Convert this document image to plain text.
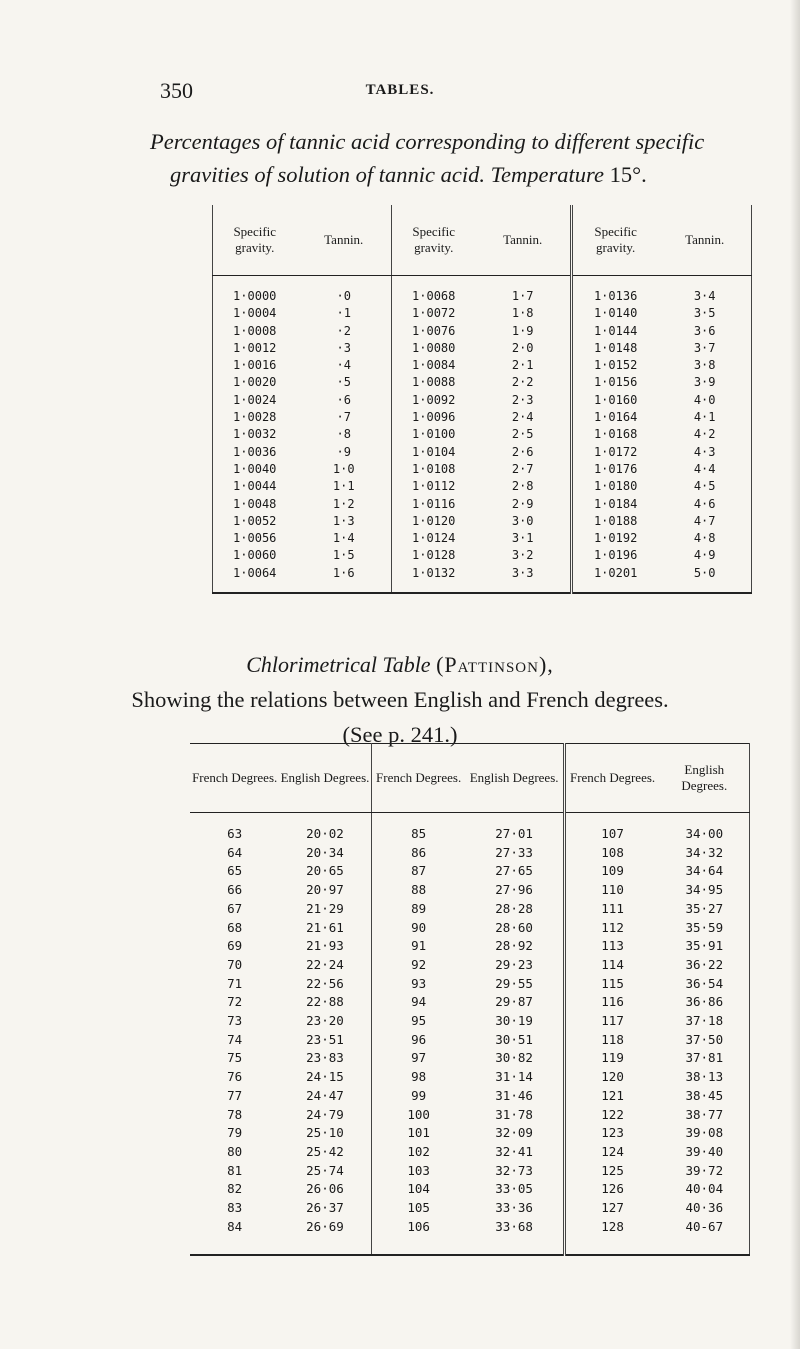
350	TABLES.
Percentages of tannic acid corresponding to different specific
gravities of solution of tannic acid. Temperature 15°.
Specific gravity.	Tannin.	Specific gravity.	Tannin.	Specific gravity.	Tannin.
1·0000	·0	1·0068	1·7	1·0136	3·4
1·0004	·1	1·0072	1·8	1·0140	3·5
1·0008	·2	1·0076	1·9	1·0144	3·6
1·0012	·3	1·0080	2·0	1·0148	3·7
1·0016	·4	1·0084	2·1	1·0152	3·8
1·0020	·5	1·0088	2·2	1·0156	3·9
1·0024	·6	1·0092	2·3	1·0160	4·0
1·0028	·7	1·0096	2·4	1·0164	4·1
1·0032	·8	1·0100	2·5	1·0168	4·2
1·0036	·9	1·0104	2·6	1·0172	4·3
1·0040	1·0	1·0108	2·7	1·0176	4·4
1·0044	1·1	1·0112	2·8	1·0180	4·5
1·0048	1·2	1·0116	2·9	1·0184	4·6
1·0052	1·3	1·0120	3·0	1·0188	4·7
1·0056	1·4	1·0124	3·1	1·0192	4·8
1·0060	1·5	1·0128	3·2	1·0196	4·9
1·0064	1·6	1·0132	3·3	1·0201	5·0
Chlorimetrical Table (Pattinson),
Showing the relations between English and French degrees.
(See p. 241.)
French Degrees.	English Degrees.	French Degrees.	English Degrees.	French Degrees.	English Degrees.
63	20·02	85	27·01	107	34·00
64	20·34	86	27·33	108	34·32
65	20·65	87	27·65	109	34·64
66	20·97	88	27·96	110	34·95
67	21·29	89	28·28	111	35·27
68	21·61	90	28·60	112	35·59
69	21·93	91	28·92	113	35·91
70	22·24	92	29·23	114	36·22
71	22·56	93	29·55	115	36·54
72	22·88	94	29·87	116	36·86
73	23·20	95	30·19	117	37·18
74	23·51	96	30·51	118	37·50
75	23·83	97	30·82	119	37·81
76	24·15	98	31·14	120	38·13
77	24·47	99	31·46	121	38·45
78	24·79	100	31·78	122	38·77
79	25·10	101	32·09	123	39·08
80	25·42	102	32·41	124	39·40
81	25·74	103	32·73	125	39·72
82	26·06	104	33·05	126	40·04
83	26·37	105	33·36	127	40·36
84	26·69	106	33·68	128	40-67
